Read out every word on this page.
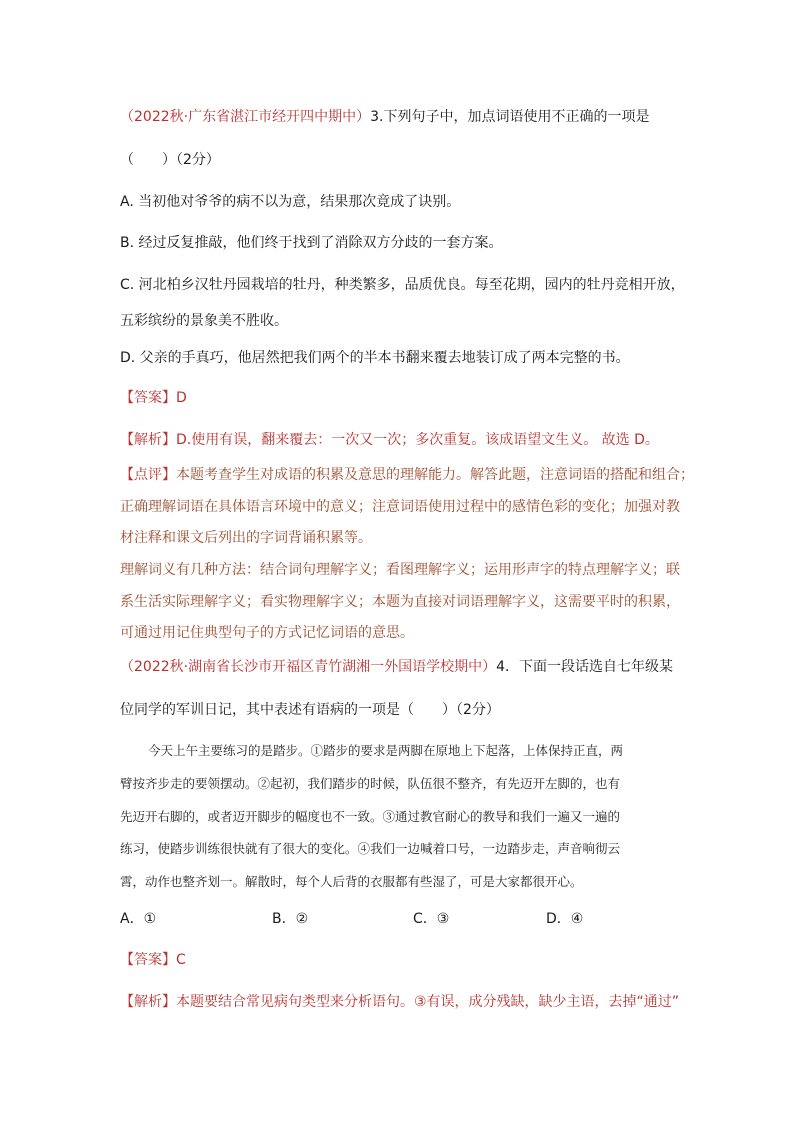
（2022秋·广东省湛江市经开四中期中）3.下列句子中，加点词语使用不正确的一项是
（　　）（2分）
A. 当初他对爷爷的病不以为意，结果那次竟成了诀别。
B. 经过反复推敲，他们终于找到了消除双方分歧的一套方案。
C. 河北柏乡汉牡丹园栽培的牡丹，种类繁多，品质优良。每至花期，园内的牡丹竞相开放，
五彩缤纷的景象美不胜收。
D. 父亲的手真巧，他居然把我们两个的半本书翻来覆去地装订成了两本完整的书。
【答案】D
【解析】D.使用有误，翻来覆去：一次又一次；多次重复。该成语望文生义。 故选 D。
【点评】本题考查学生对成语的积累及意思的理解能力。解答此题，注意词语的搭配和组合；
正确理解词语在具体语言环境中的意义；注意词语使用过程中的感情色彩的变化；加强对教
材注释和课文后列出的字词背诵积累等。
理解词义有几种方法：结合词句理解字义；看图理解字义；运用形声字的特点理解字义；联
系生活实际理解字义；看实物理解字义；本题为直接对词语理解字义，这需要平时的积累，
可通过用记住典型句子的方式记忆词语的意思。
（2022秋·湖南省长沙市开福区青竹湖湘一外国语学校期中）4．下面一段话选自七年级某
位同学的军训日记，其中表述有语病的一项是（　　）（2分）
今天上午主要练习的是踏步。①踏步的要求是两脚在原地上下起落，上体保持正直，两
臂按齐步走的要领摆动。②起初，我们踏步的时候，队伍很不整齐，有先迈开左脚的，也有
先迈开右脚的，或者迈开脚步的幅度也不一致。③通过教官耐心的教导和我们一遍又一遍的
练习，使踏步训练很快就有了很大的变化。④我们一边喊着口号，一边踏步走，声音响彻云
霄，动作也整齐划一。解散时，每个人后背的衣服都有些湿了，可是大家都很开心。
A．①	B．②	C．③	D．④
【答案】C
【解析】本题要结合常见病句类型来分析语句。③有误，成分残缺，缺少主语，去掉“通过”
